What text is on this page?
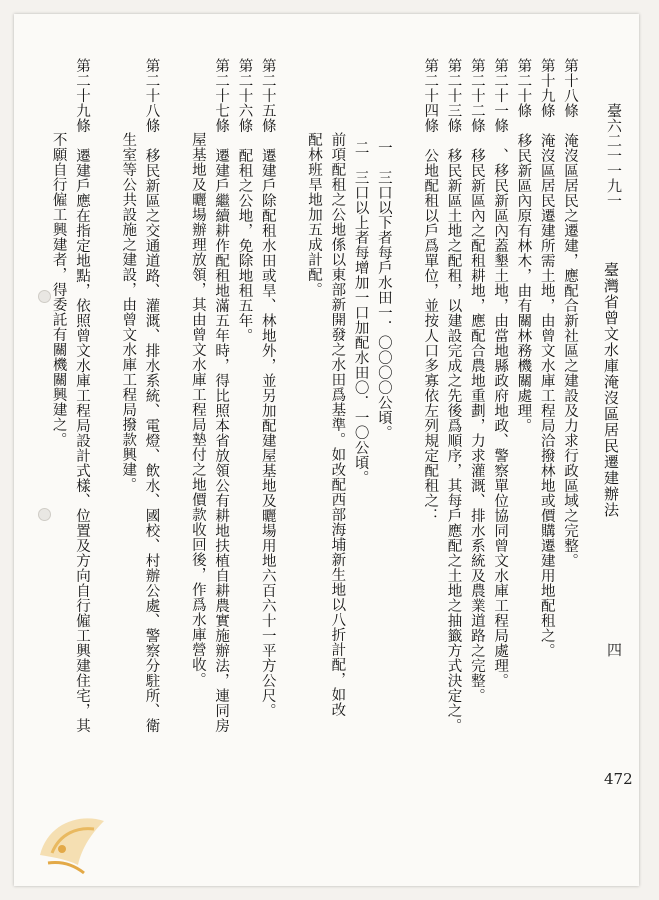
臺六二一一九一
臺灣省曾文水庫淹沒區居民遷建辦法
四
472
第十八條　淹沒區居民之遷建，應配合新社區之建設及力求行政區域之完整。
第十九條　淹沒區居民遷建所需土地，由曾文水庫工程局洽撥林地或價購遷建用地配租之。
第二十條　移民新區內原有林木，由有關林務機關處理。
第二十一條　、移民新區內蓋墾土地，由當地縣政府地政、警察單位協同曾文水庫工程局處理。
第二十二條　移民新區內之配租耕地，應配合農地重劃，力求灌溉、排水系統及農業道路之完整。
第二十三條　移民新區土地之配租，以建設完成之先後爲順序，其每戶應配之土地之抽籤方式決定之。
第二十四條　公地配租以戶爲單位，並按人口多寡依左列規定配租之：
一　三口以下者每戶水田一．〇〇〇〇公頃。
二　三口以上者每增加一口加配水田〇．一〇公頃。
前項配租之公地係以東部新開發之水田爲基準。如改配西部海埔新生地以八折計配，如改
配林班旱地加五成計配。
第二十五條　遷建戶除配租水田或旱、林地外，並另加配建屋基地及曬場用地六百六十一平方公尺。
第二十六條　配租之公地，免除地租五年。
第二十七條　遷建戶繼續耕作配租地滿五年時，得比照本省放領公有耕地扶植自耕農實施辦法，連同房
屋基地及曬場辦理放領，其由曾文水庫工程局墊付之地價款收回後，作爲水庫營收。
第二十八條　移民新區之交通道路、灌溉、排水系統、電燈、飲水、國校、村辦公處、警察分駐所、衛
生室等公共設施之建設，由曾文水庫工程局撥款興建。
第二十九條　遷建戶應在指定地點，依照曾文水庫工程局設計式樣、位置及方向自行僱工興建住宅，其
不願自行僱工興建者，得委託有關機關興建之。
